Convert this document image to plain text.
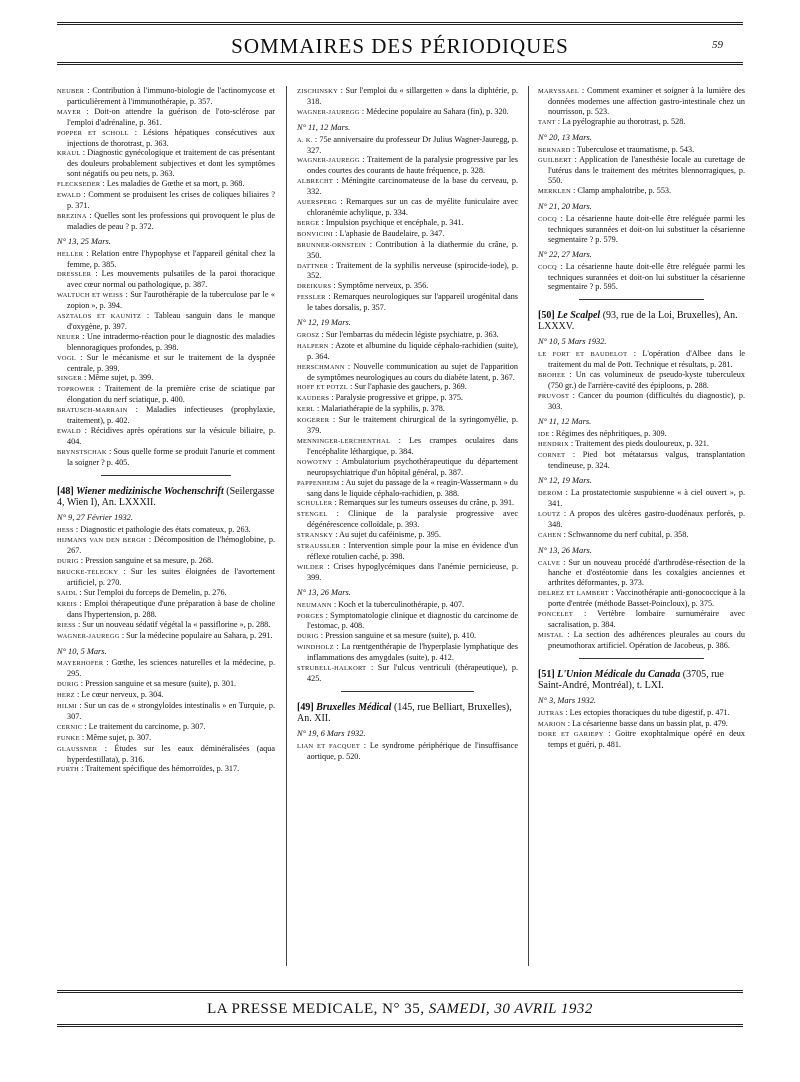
SOMMAIRES DES PÉRIODIQUES	59

NEUBER : Contribution à l'immuno-biologie de l'actinomycose et particulièrement à l'immunothérapie, p. 357.

MAYER : Doit-on attendre la guérison de l'oto-sclérose par l'emploi d'adrénaline, p. 361.

POPPER ET SCHOLL : Lésions hépatiques consécutives aux injections de thorotrast, p. 363.

KRAUL : Diagnostic gynécologique et traitement de cas présentant des douleurs probablement subjectives et dont les symptômes sont négatifs ou peu nets, p. 363.

FLECKSEDER : Les maladies de Gœthe et sa mort, p. 368.

EWALD : Comment se produisent les crises de coliques biliaires ? p. 371.

BREZINA : Quelles sont les professions qui provoquent le plus de maladies de peau ? p. 372.

N° 13, 25 Mars.

HELLER : Relation entre l'hypophyse et l'appareil génital chez la femme, p. 385.

DRESSLER : Les mouvements pulsatiles de la paroi thoracique avec cœur normal ou pathologique, p. 387.

WALTUCH ET WEISS : Sur l'aurothérapie de la tuberculose par le « zopion », p. 394.

ASZTALOS ET KAUNITZ : Tableau sanguin dans le manque d'oxygène, p. 397.

NEUER : Une intradermo-réaction pour le diagnostic des maladies blennoragiques profondes, p. 398.

VOGL : Sur le mécanisme et sur le traitement de la dyspnée centrale, p. 399.

SINGER : Même sujet, p. 399.

TOPROWER : Traitement de la première crise de sciatique par élongation du nerf sciatique, p. 400.

BRATUSCH-MARRAIN : Maladies infectieuses (prophylaxie, traitement), p. 402.

EWALD : Récidives après opérations sur la vésicule biliaire, p. 404.

BRYNSTSCHAK : Sous quelle forme se produit l'anurie et comment la soigner ? p. 405.

[48] Wiener medizinische Wochenschrift (Seilergasse 4, Wien I), An. LXXXII.
N° 9, 27 Février 1932.

HESS : Diagnostic et pathologie des états comateux, p. 263.

HIJMANS VAN DEN BERGH : Décomposition de l'hémoglobine, p. 267.

DURIG : Pression sanguine et sa mesure, p. 268.

BRUCKE-TELECKY : Sur les suites éloignées de l'avortement artificiel, p. 270.

SAIDL : Sur l'emploi du forceps de Demelin, p. 276.

KREIS : Emploi thérapeutique d'une préparation à base de choline dans l'hypertension, p. 288.

RIESS : Sur un nouveau sédatif végétal la « passiflorine », p. 288.

WAGNER-JAUREGG : Sur la médecine populaire au Sahara, p. 291.

N° 10, 5 Mars.

MAYERHOFER : Gœthe, les sciences naturelles et la médecine, p. 295.

DURIG : Pression sanguine et sa mesure (suite), p. 301.

HERZ : Le cœur nerveux, p. 304.

HILMI : Sur un cas de « strongyloïdes intestinalis » en Turquie, p. 307.

CERNIC : Le traitement du carcinome, p. 307.

FUNKE : Même sujet, p. 307.

GLAUSSNER : Études sur les eaux déminéralisées (aqua hyperdestillata), p. 316.

FURTH : Traitement spécifique des hémorroïdes, p. 317.

ZISCHINSKY : Sur l'emploi du « sillargetten » dans la diphtérie, p. 318.

WAGNER-JAUREGG : Médecine populaire au Sahara (fin), p. 320.

N° 11, 12 Mars.

A. K. : 75e anniversaire du professeur Dr Julius Wagner-Jauregg, p. 327.

WAGNER-JAUREGG : Traitement de la paralysie progressive par les ondes courtes des courants de haute fréquence, p. 328.

ALBRECHT : Méningite carcinomateuse de la base du cerveau, p. 332.

AUERSPERG : Remarques sur un cas de myélite funiculaire avec chloranémie achylique, p. 334.

BERGE : Impulsion psychique et encéphale, p. 341.

BONVICINI : L'aphasie de Baudelaire, p. 347.

BRUNNER-ORNSTEIN : Contribution à la diathermie du crâne, p. 350.

DATTNER : Traitement de la syphilis nerveuse (spirocide-iode), p. 352.

DREIKURS : Symptôme nerveux, p. 356.

FESSLER : Remarques neurologiques sur l'appareil urogénital dans le tabes dorsalis, p. 357.

N° 12, 19 Mars.

GROSZ : Sur l'embarras du médecin légiste psychiatre, p. 363.

HALPERN : Azote et albumine du liquide céphalo-rachidien (suite), p. 364.

HERSCHMANN : Nouvelle communication au sujet de l'apparition de symptômes neurologiques au cours du diabète latent, p. 367.

HOFF ET POTZL : Sur l'aphasie des gauchers, p. 369.

KAUDERS : Paralysie progressive et grippe, p. 375.

KERL : Malariathérapie de la syphilis, p. 378.

KOGERER : Sur le traitement chirurgical de la syringomyélie, p. 379.

MENNINGER-LERCHENTHAL : Les crampes oculaires dans l'encéphalite léthargique, p. 384.

NOWOTNY : Ambulatorium psychothérapeutique du département neuropsychiatrique d'un hôpital général, p. 387.

PAPPENHEIM : Au sujet du passage de la « reagin-Wassermann » du sang dans le liquide céphalo-rachidien, p. 388.

SCHULLER : Remarques sur les tumeurs osseuses du crâne, p. 391.

STENGEL : Clinique de la paralysie progressive avec dégénérescence colloïdale, p. 393.

STRANSKY : Au sujet du caféinisme, p. 395.

STRAUSSLER : Intervention simple pour la mise en évidence d'un réflexe rotulien caché, p. 398.

WILDER : Crises hypoglycémiques dans l'anémie pernicieuse, p. 399.

N° 13, 26 Mars.

NEUMANN : Koch et la tuberculinothérapie, p. 407.

PORGES : Symptomatologie clinique et diagnostic du carcinome de l'estomac, p. 408.

DURIG : Pression sanguine et sa mesure (suite), p. 410.

WINDHOLZ : La rœntgenthérapie de l'hyperplasie lymphatique des inflammations des amygdales (suite), p. 412.

STRUBELL-HALKORT : Sur l'ulcus ventriculi (thérapeutique), p. 425.

[49] Bruxelles Médical (145, rue Belliart, Bruxelles), An. XII.
N° 19, 6 Mars 1932.

LIAN ET FACQUET : Le syndrome périphérique de l'insuffisance aortique, p. 520.

MARYSSAEL : Comment examiner et soigner à la lumière des données modernes une affection gastro-intestinale chez un nourrisson, p. 523.

TANT : La pyélographie au thorotrast, p. 528.

N° 20, 13 Mars.

BERNARD : Tuberculose et traumatisme, p. 543.

GUILBERT : Application de l'anesthésie locale au curettage de l'utérus dans le traitement des métrites blennorragiques, p. 550.

MERKLEN : Clamp amphalotribe, p. 553.

N° 21, 20 Mars.

COCQ : La césarienne haute doit-elle être reléguée parmi les techniques surannées et doit-on lui substituer la césarienne segmentaire ? p. 579.

N° 22, 27 Mars.

COCQ : La césarienne haute doit-elle être reléguée parmi les techniques surannées et doit-on lui substituer la césarienne segmentaire ? p. 595.

[50] Le Scalpel (93, rue de la Loi, Bruxelles), An. LXXXV.
N° 10, 5 Mars 1932.

LE FORT ET BAUDELOT : L'opération d'Albee dans le traitement du mal de Pott. Technique et résultats, p. 281.

BROHEE : Un cas volumineux de pseudo-kyste tuberculeux (750 gr.) de l'arrière-cavité des épiploons, p. 288.

PRUVOST : Cancer du poumon (difficultés du diagnostic), p. 303.

N° 11, 12 Mars.

IDE : Régimes des néphritiques, p. 309.

HENDRIX : Traitement des pieds douloureux, p. 321.

CORNET : Pied bot métatarsus valgus, transplantation tendineuse, p. 324.

N° 12, 19 Mars.

DEROM : La prostatectomie suspubienne « à ciel ouvert », p. 341.

LOUTZ : A propos des ulcères gastro-duodénaux perforés, p. 348.

CAHEN : Schwannome du nerf cubital, p. 358.

N° 13, 26 Mars.

CALVE : Sur un nouveau procédé d'arthrodèse-résection de la hanche et d'ostéotomie dans les coxalgies anciennes et arthrites déformantes, p. 373.

DELREZ ET LAMBERT : Vaccinothérapie anti-gonococcique à la porte d'entrée (méthode Basset-Poincloux), p. 375.

PONCELET : Vertèbre lombaire surnuméraire avec sacralisation, p. 384.

MISTAL : La section des adhérences pleurales au cours du pneumothorax artificiel. Opération de Jacobeus, p. 386.

[51] L'Union Médicale du Canada (3705, rue Saint-André, Montréal), t. LXI.
N° 3, Mars 1932.

JUTRAS : Les ectopies thoraciques du tube digestif, p. 471.

MARION : La césarienne basse dans un bassin plat, p. 479.

DORE ET GARIEPY : Goitre exophtalmique opéré en deux temps et guéri, p. 481.

LA PRESSE MEDICALE, N° 35, SAMEDI, 30 AVRIL 1932
